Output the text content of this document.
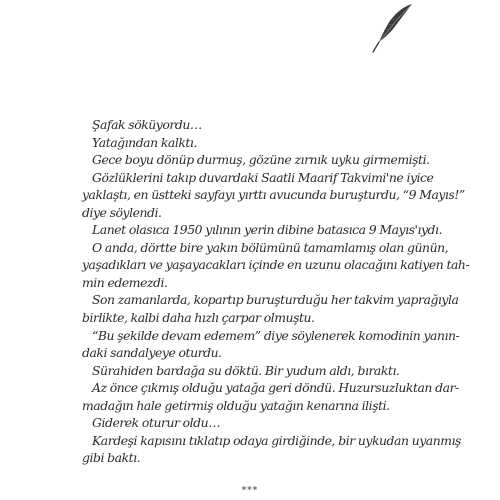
Şafak söküyordu…
Yatağından kalktı.
Gece boyu dönüp durmuş, gözüne zırnık uyku girmemişti.
Gözlüklerini takıp duvardaki Saatli Maarif Takvimi'ne iyice
yaklaştı, en üstteki sayfayı yırttı avucunda buruşturdu, “9 Mayıs!”
diye söylendi.
Lanet olasıca 1950 yılının yerin dibine batasıca 9 Mayıs'ıydı.
O anda, dörtte bire yakın bölümünü tamamlamış olan günün,
yaşadıkları ve yaşayacakları içinde en uzunu olacağını katiyen tah-
min edemezdi.
Son zamanlarda, kopartıp buruşturduğu her takvim yaprağıyla
birlikte, kalbi daha hızlı çarpar olmuştu.
“Bu şekilde devam edemem” diye söylenerek komodinin yanın-
daki sandalyeye oturdu.
Sürahiden bardağa su döktü. Bir yudum aldı, bıraktı.
Az önce çıkmış olduğu yatağa geri döndü. Huzursuzluktan dar-
madağın hale getirmiş olduğu yatağın kenarına ilişti.
Giderek oturur oldu…
Kardeşi kapısını tıklatıp odaya girdiğinde, bir uykudan uyanmış
gibi baktı.
***
